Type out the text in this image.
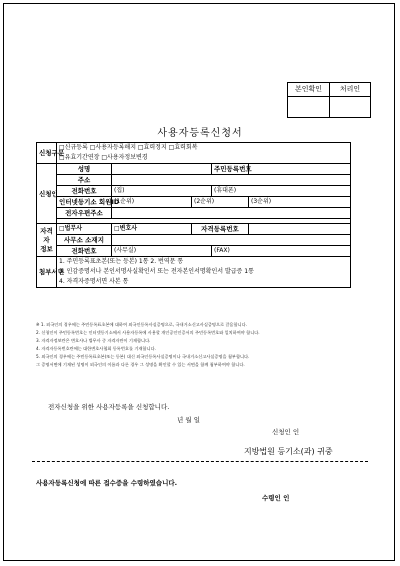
본인확인	처리인
사용자등록신청서
신청구분	□신규등록 □사용자등록해지 □효력정지 □효력회복				
	□유효기간연장 □사용자정보변경				
신청인	성명			주민등록번호	
	주소				
	전화번호	(집)		(휴대폰)	
	인터넷등기소 회원ID	(1순위)	(2순위)		(3순위)
	전자우편주소				

자격자
정보	□법무사	□변호사	자격등록번호		
	사무소 소재지				
	전화번호	(사무실)		(FAX)	
첨부서면	1. 주민등록표초본(또는 등본) 1통 2. 번역문 통				
	3. 인감증명서나 본인서명사실확인서 또는 전자본인서명확인서 발급증 1통				
	4. 자격자증명서면 사본 통				
※ 1. 외국인의 경우에는 주민등록표초본에 대하여 외국인등록사실증명으로, 국내거소신고사실증명으로 갈음합니다.
2. 신청인이 주민등록번호는 인터넷등기소에서 사용자등록에 사용할 개인공인인증서의 주민등록번호와 일치하여야 합니다.
3. 자격자정보란은 변호사나 법무사 중 자격자만이 기재합니다.
4. 자격자등록번호란에는 대한변호사협회 등록번호를 기재합니다.
5. 외국인의 경우에는 주민등록표초본(또는 등본) 대신 외국인등록사실증명이나 국내거소신고사실증명을 첨부합니다.
그 증명서면에 기재된 성명이 외국인의 이름과 다른 경우 그 성명을 확인할 수 있는 서면을 함께 첨부하여야 합니다.
전자신청을 위한 사용자등록을 신청합니다.
년 월 일
신청인 인
지방법원 등기소(과) 귀중
사용자등록신청에 따른 접수증을 수령하였습니다.
수령인 인
